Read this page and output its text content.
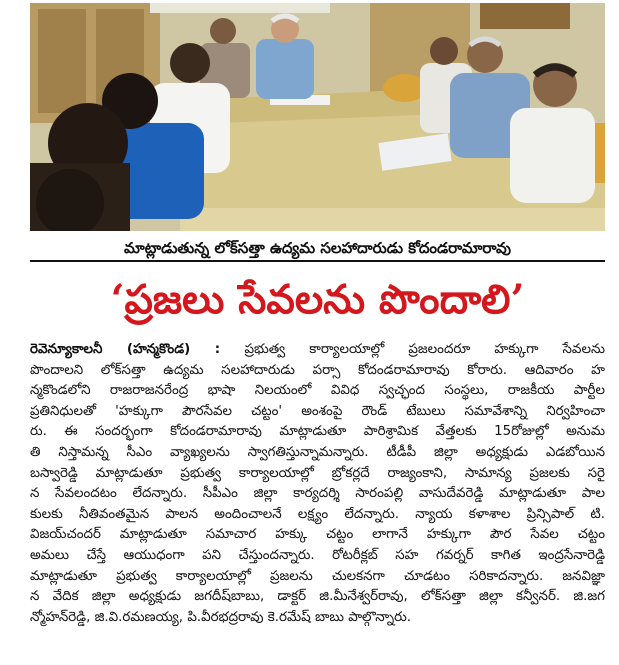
మాట్లాడుతున్న లోక్‌సత్తా ఉద్యమ సలహాదారుడు కోదండరామారావు
‘ప్రజలు సేవలను పొందాలి’
రెవెన్యూకాలనీ (హన్మకొండ) : ప్రభుత్వ కార్యాలయాల్లో ప్రజలందరూ హక్కుగా సేవలను
పొందాలని లోక్‌సత్తా ఉద్యమ సలహాదారుడు పర్సా కోదండరామారావు కోరారు. ఆదివారం హ
న్మకొండలోని రాజరాజనరేంద్ర భాషా నిలయంలో వివిధ స్వచ్ఛంద సంస్థలు, రాజకీయ పార్టీల
ప్రతినిధులతో 'హక్కుగా పౌరసేవల చట్టం' అంశంపై రౌండ్ టేబులు సమావేశాన్ని నిర్వహించా
రు. ఈ సందర్భంగా కోదండరామారావు మాట్లాడుతూ పారిశ్రామిక వేత్తలకు 15రోజుల్లో అనుమ
తి నిస్తామన్న సీఎం వ్యాఖ్యలను స్వాగతిస్తున్నామన్నారు. టీడీపీ జిల్లా అధ్యక్షుడు ఎడబోయిన
బస్వారెడ్డి మాట్లాడుతూ ప్రభుత్వ కార్యాలయాల్లో బ్రోకర్లదే రాజ్యంకాని, సామాన్య ప్రజలకు సరై
న సేవలందటం లేదన్నారు. సీపీఎం జిల్లా కార్యదర్శి సారంపల్లి వాసుదేవరెడ్డి మాట్లాడుతూ పాల
కులకు నీతివంతమైన పాలన అందించాలనే లక్ష్యం లేదన్నారు. న్యాయ కళాశాల ప్రిన్సిపాల్ టి.
విజయ్‌చందర్ మాట్లాడుతూ సమాచార హక్కు చట్టం లాగానే హక్కుగా పౌర సేవల చట్టం
అమలు చేస్తే ఆయుధంగా పని చేస్తుందన్నారు. రోటరీక్లబ్ సహ గవర్నర్ కాగిత ఇంద్రసేనారెడ్డి
మాట్లాడుతూ ప్రభుత్వ కార్యాలయాల్లో ప్రజలను చులకనగా చూడటం సరికాదన్నారు. జనవిజ్ఞా
న వేదిక జిల్లా అధ్యక్షుడు జగదీష్‌బాబు, డాక్టర్ జి.మీనేశ్వర్‌రావు, లోక్‌సత్తా జిల్లా కన్వీనర్. జి.జగ
న్మోహన్‌రెడ్డి, జి.వి.రమణయ్య, పి.వీరభద్రరావు కె.రమేష్ బాబు పాల్గొన్నారు.
